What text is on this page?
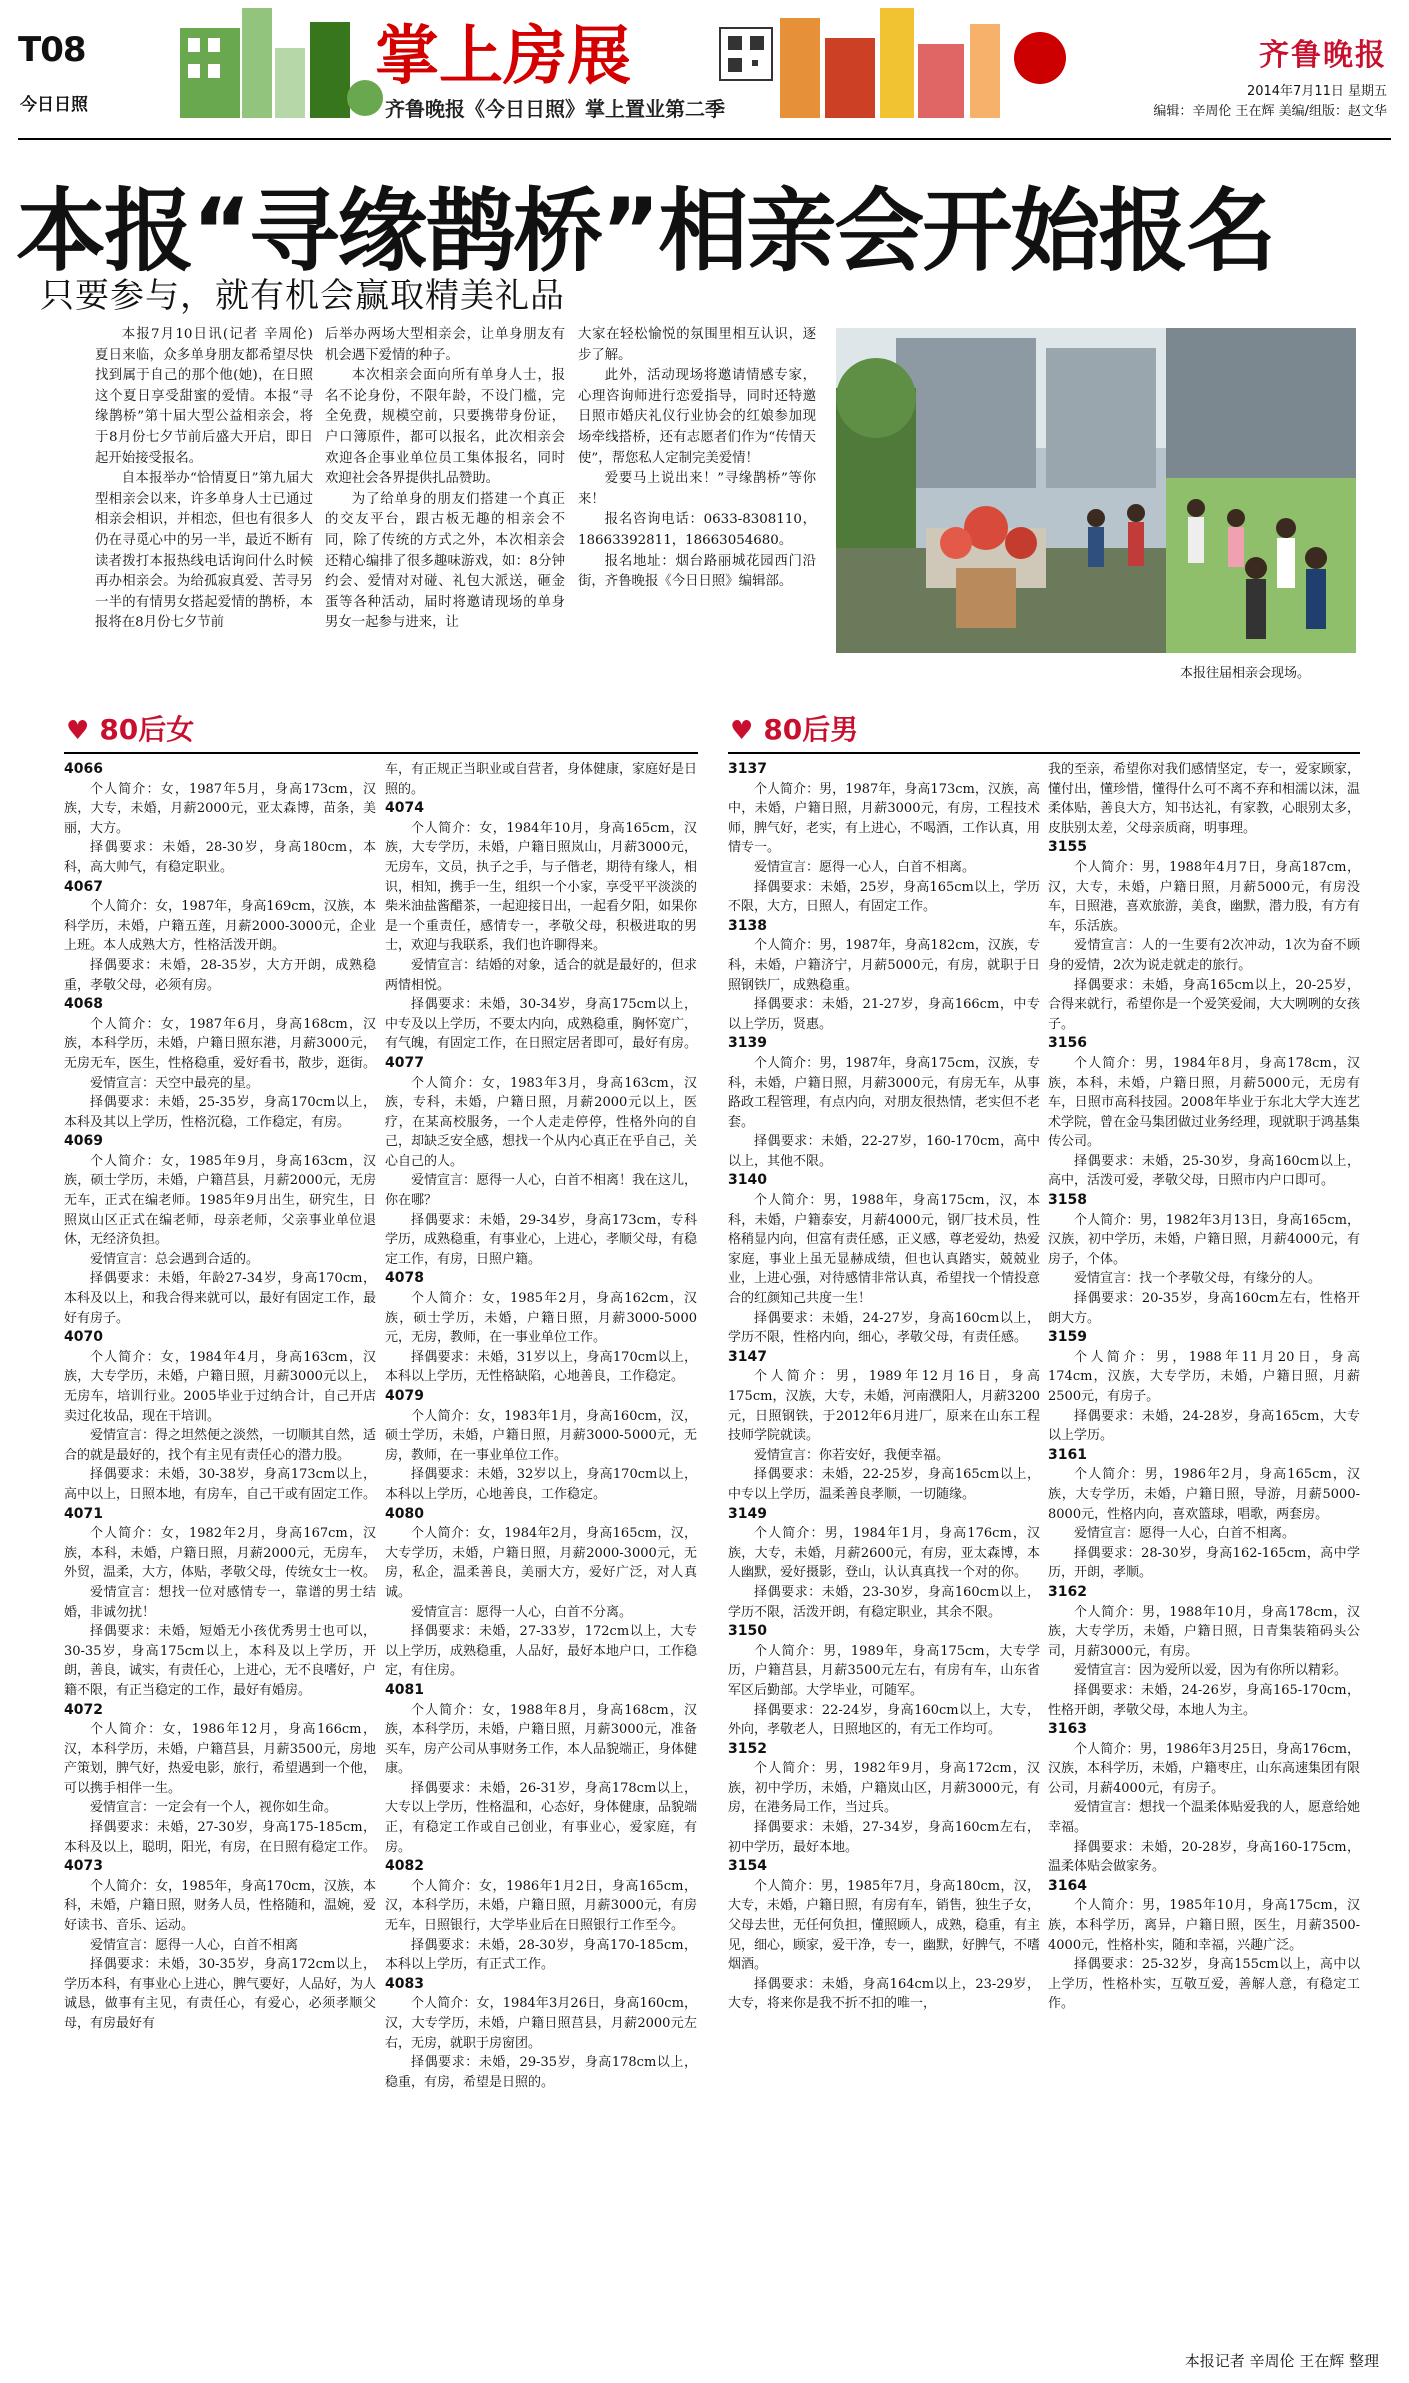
T08
今日日照
掌上房展
齐鲁晚报《今日日照》掌上置业第二季
齐鲁晚报
2014年7月11日 星期五
编辑：辛周伦 王在辉 美编/组版：赵文华
本报“寻缘鹊桥”相亲会开始报名
只要参与，就有机会赢取精美礼品

本报7月10日讯(记者 辛周伦) 夏日来临，众多单身朋友都希望尽快找到属于自己的那个他(她)，在日照这个夏日享受甜蜜的爱情。本报“寻缘鹊桥”第十届大型公益相亲会，将于8月份七夕节前后盛大开启，即日起开始接受报名。

自本报举办“恰情夏日”第九届大型相亲会以来，许多单身人士已通过相亲会相识，并相恋，但也有很多人仍在寻觅心中的另一半，最近不断有读者拨打本报热线电话询问什么时候再办相亲会。为给孤寂真爱、苦寻另一半的有情男女搭起爱情的鹊桥，本报将在8月份七夕节前

后举办两场大型相亲会，让单身朋友有机会遇下爱情的种子。

本次相亲会面向所有单身人士，报名不论身份，不限年龄，不设门槛，完全免费，规模空前，只要携带身份证，户口簿原件，都可以报名，此次相亲会欢迎各企事业单位员工集体报名，同时欢迎社会各界提供扎品赞助。

为了给单身的朋友们搭建一个真正的交友平台，跟古板无趣的相亲会不同，除了传统的方式之外，本次相亲会还精心编排了很多趣味游戏，如：8分钟约会、爱情对对碰、礼包大派送，砸金蛋等各种活动，届时将邀请现场的单身男女一起参与进来，让

大家在轻松愉悦的氛围里相互认识，逐步了解。

此外，活动现场将邀请情感专家，心理咨询师进行恋爱指导，同时还特邀日照市婚庆礼仪行业协会的红娘参加现场牵线搭桥，还有志愿者们作为“传情天使”，帮您私人定制完美爱情！

爱要马上说出来！”寻缘鹊桥”等你来！

报名咨询电话：0633-8308110，18663392811，18663054680。

报名地址：烟台路丽城花园西门沿街，齐鲁晚报《今日日照》编辑部。

本报往届相亲会现场。
♥ 80后女	♥ 80后男
4066

个人简介：女，1987年5月，身高173cm，汉族，大专，未婚，月薪2000元，亚太森博，苗条，美丽，大方。

择偶要求：未婚，28-30岁，身高180cm，本科，高大帅气，有稳定职业。

4067

个人简介：女，1987年，身高169cm，汉族，本科学历，未婚，户籍五莲，月薪2000-3000元，企业上班。本人成熟大方，性格活泼开朗。

择偶要求：未婚，28-35岁，大方开朗，成熟稳重，孝敬父母，必须有房。

4068

个人简介：女，1987年6月，身高168cm，汉族，本科学历，未婚，户籍日照东港，月薪3000元，无房无车，医生，性格稳重，爱好看书，散步，逛街。

爱情宣言：天空中最亮的星。

择偶要求：未婚，25-35岁，身高170cm以上，本科及其以上学历，性格沉稳，工作稳定，有房。

4069

个人简介：女，1985年9月，身高163cm，汉族，硕士学历，未婚，户籍莒县，月薪2000元，无房无车，正式在编老师。1985年9月出生，研究生，日照岚山区正式在编老师，母亲老师，父亲事业单位退休，无经济负担。

爱情宣言：总会遇到合适的。

择偶要求：未婚，年龄27-34岁，身高170cm，本科及以上，和我合得来就可以，最好有固定工作，最好有房子。

4070

个人简介：女，1984年4月，身高163cm，汉族，大专学历，未婚，户籍日照，月薪3000元以上，无房车，培训行业。2005毕业于过纳合计，自己开店卖过化妆品，现在干培训。

爱情宣言：得之坦然便之淡然，一切顺其自然，适合的就是最好的，找个有主见有责任心的潜力股。

择偶要求：未婚，30-38岁，身高173cm以上，高中以上，日照本地，有房车，自己干或有固定工作。

4071

个人简介：女，1982年2月，身高167cm，汉族，本科，未婚，户籍日照，月薪2000元，无房车，外贸，温柔，大方，体贴，孝敬父母，传统女士一枚。

爱情宣言：想找一位对感情专一，靠谱的男士结婚，非诚勿扰！

择偶要求：未婚，短婚无小孩优秀男士也可以，30-35岁，身高175cm以上，本科及以上学历，开朗，善良，诚实，有责任心，上进心，无不良嗜好，户籍不限，有正当稳定的工作，最好有婚房。

4072

个人简介：女，1986年12月，身高166cm，汉，本科学历，未婚，户籍莒县，月薪3500元，房地产策划，脾气好，热爱电影，旅行，希望遇到一个他，可以携手相伴一生。

爱情宣言：一定会有一个人，视你如生命。

择偶要求：未婚，27-30岁，身高175-185cm，本科及以上，聪明，阳光，有房，在日照有稳定工作。

4073

个人简介：女，1985年，身高170cm，汉族，本科，未婚，户籍日照，财务人员，性格随和，温婉，爱好读书、音乐、运动。

爱情宣言：愿得一人心，白首不相离

择偶要求：未婚，30-35岁，身高172cm以上，学历本科，有事业心上进心，脾气要好，人品好，为人诚恳，做事有主见，有责任心，有爱心，必须孝顺父母，有房最好有

车，有正规正当职业或自营者，身体健康，家庭好是日照的。

4074

个人简介：女，1984年10月，身高165cm，汉族，大专学历，未婚，户籍日照岚山，月薪3000元，无房车，文员，执子之手，与子偕老，期待有缘人，相识，相知，携手一生，组织一个小家，享受平平淡淡的柴米油盐酱醋茶，一起迎接日出，一起看夕阳，如果你是一个重责任，感情专一，孝敬父母，积极进取的男士，欢迎与我联系，我们也许聊得来。

爱情宣言：结婚的对象，适合的就是最好的，但求两情相悦。

择偶要求：未婚，30-34岁，身高175cm以上，中专及以上学历，不要太内向，成熟稳重，胸怀宽广，有气魄，有固定工作，在日照定居者即可，最好有房。

4077

个人简介：女，1983年3月，身高163cm，汉族，专科，未婚，户籍日照，月薪2000元以上，医疗，在某高校服务，一个人走走停停，性格外向的自己，却缺乏安全感，想找一个从内心真正在乎自己，关心自己的人。

爱情宣言：愿得一人心，白首不相离！我在这儿，你在哪？

择偶要求：未婚，29-34岁，身高173cm，专科学历，成熟稳重，有事业心，上进心，孝顺父母，有稳定工作，有房，日照户籍。

4078

个人简介：女，1985年2月，身高162cm，汉族，硕士学历，未婚，户籍日照，月薪3000-5000元，无房，教师，在一事业单位工作。

择偶要求：未婚，31岁以上，身高170cm以上，本科以上学历，无性格缺陷，心地善良，工作稳定。

4079

个人简介：女，1983年1月，身高160cm，汉，硕士学历，未婚，户籍日照，月薪3000-5000元，无房，教师，在一事业单位工作。

择偶要求：未婚，32岁以上，身高170cm以上，本科以上学历，心地善良，工作稳定。

4080

个人简介：女，1984年2月，身高165cm，汉，大专学历，未婚，户籍日照，月薪2000-3000元，无房，私企，温柔善良，美丽大方，爱好广泛，对人真诚。

爱情宣言：愿得一人心，白首不分离。

择偶要求：未婚，27-33岁，172cm以上，大专以上学历，成熟稳重，人品好，最好本地户口，工作稳定，有住房。

4081

个人简介：女，1988年8月，身高168cm，汉族，本科学历，未婚，户籍日照，月薪3000元，准备买车，房产公司从事财务工作，本人品貌端正，身体健康。

择偶要求：未婚，26-31岁，身高178cm以上，大专以上学历，性格温和，心态好，身体健康，品貌端正，有稳定工作或自己创业，有事业心，爱家庭，有房。

4082

个人简介：女，1986年1月2日，身高165cm，汉，本科学历，未婚，户籍日照，月薪3000元，有房无车，日照银行，大学毕业后在日照银行工作至今。

择偶要求：未婚，28-30岁，身高170-185cm，本科以上学历，有正式工作。

4083

个人简介：女，1984年3月26日，身高160cm，汉，大专学历，未婚，户籍日照莒县，月薪2000元左右，无房，就职于房窗团。

择偶要求：未婚，29-35岁，身高178cm以上，稳重，有房，希望是日照的。

3137

个人简介：男，1987年，身高173cm，汉族，高中，未婚，户籍日照，月薪3000元，有房，工程技术师，脾气好，老实，有上进心，不喝酒，工作认真，用情专一。

爱情宣言：愿得一心人，白首不相离。

择偶要求：未婚，25岁，身高165cm以上，学历不限，大方，日照人，有固定工作。

3138

个人简介：男，1987年，身高182cm，汉族，专科，未婚，户籍济宁，月薪5000元，有房，就职于日照钢铁厂，成熟稳重。

择偶要求：未婚，21-27岁，身高166cm，中专以上学历，贤惠。

3139

个人简介：男，1987年，身高175cm，汉族，专科，未婚，户籍日照，月薪3000元，有房无车，从事路政工程管理，有点内向，对朋友很热情，老实但不老套。

择偶要求：未婚，22-27岁，160-170cm，高中以上，其他不限。

3140

个人简介：男，1988年，身高175cm，汉，本科，未婚，户籍泰安，月薪4000元，钢厂技术员，性格稍显内向，但富有责任感，正义感，尊老爱幼，热爱家庭，事业上虽无显赫成绩，但也认真踏实，兢兢业业，上进心强，对待感情非常认真，希望找一个情投意合的红颜知己共度一生！

择偶要求：未婚，24-27岁，身高160cm以上，学历不限，性格内向，细心，孝敬父母，有责任感。

3147

个人简介：男，1989年12月16日，身高175cm，汉族，大专，未婚，河南濮阳人，月薪3200元，日照钢铁，于2012年6月进厂，原来在山东工程技师学院就读。

爱情宣言：你若安好，我便幸福。

择偶要求：未婚，22-25岁，身高165cm以上，中专以上学历，温柔善良孝顺，一切随缘。

3149

个人简介：男，1984年1月，身高176cm，汉族，大专，未婚，月薪2600元，有房，亚太森博，本人幽默，爱好摄影，登山，认认真真找一个对的你。

择偶要求：未婚，23-30岁，身高160cm以上，学历不限，活泼开朗，有稳定职业，其余不限。

3150

个人简介：男，1989年，身高175cm，大专学历，户籍莒县，月薪3500元左右，有房有车，山东省军区后勤部。大学毕业，可随军。

择偶要求：22-24岁，身高160cm以上，大专，外向，孝敬老人，日照地区的，有无工作均可。

3152

个人简介：男，1982年9月，身高172cm，汉族，初中学历，未婚，户籍岚山区，月薪3000元，有房，在港务局工作，当过兵。

择偶要求：未婚，27-34岁，身高160cm左右，初中学历，最好本地。

3154

个人简介：男，1985年7月，身高180cm，汉，大专，未婚，户籍日照，有房有车，销售，独生子女，父母去世，无任何负担，懂照顾人，成熟，稳重，有主见，细心，顾家，爱干净，专一，幽默，好脾气，不嗜烟酒。

择偶要求：未婚，身高164cm以上，23-29岁，大专，将来你是我不折不扣的唯一，

我的至亲，希望你对我们感情坚定，专一，爱家顾家，懂付出，懂珍惜，懂得什么可不离不弃和相濡以沫，温柔体贴，善良大方，知书达礼，有家教，心眼别太多，皮肤别太差，父母亲质商，明事理。

3155

个人简介：男，1988年4月7日，身高187cm，汉，大专，未婚，户籍日照，月薪5000元，有房没车，日照港，喜欢旅游，美食，幽默，潜力股，有方有车，乐活族。

爱情宣言：人的一生要有2次冲动，1次为奋不顾身的爱情，2次为说走就走的旅行。

择偶要求：未婚，身高165cm以上，20-25岁，合得来就行，希望你是一个爱笑爱闹，大大咧咧的女孩子。

3156

个人简介：男，1984年8月，身高178cm，汉族，本科，未婚，户籍日照，月薪5000元，无房有车，日照市高科技园。2008年毕业于东北大学大连艺术学院，曾在金马集团做过业务经理，现就职于鸿基集传公司。

择偶要求：未婚，25-30岁，身高160cm以上，高中，活泼可爱，孝敬父母，日照市内户口即可。

3158

个人简介：男，1982年3月13日，身高165cm，汉族，初中学历，未婚，户籍日照，月薪4000元，有房子，个体。

爱情宣言：找一个孝敬父母，有缘分的人。

择偶要求：20-35岁，身高160cm左右，性格开朗大方。

3159

个人简介：男，1988年11月20日，身高174cm，汉族，大专学历，未婚，户籍日照，月薪2500元，有房子。

择偶要求：未婚，24-28岁，身高165cm，大专以上学历。

3161

个人简介：男，1986年2月，身高165cm，汉族，大专学历，未婚，户籍日照，导游，月薪5000-8000元，性格内向，喜欢篮球，唱歌，两套房。

爱情宣言：愿得一人心，白首不相离。

择偶要求：28-30岁，身高162-165cm，高中学历，开朗，孝顺。

3162

个人简介：男，1988年10月，身高178cm，汉族，大专学历，未婚，户籍日照，日青集装箱码头公司，月薪3000元，有房。

爱情宣言：因为爱所以爱，因为有你所以精彩。

择偶要求：未婚，24-26岁，身高165-170cm，性格开朗，孝敬父母，本地人为主。

3163

个人简介：男，1986年3月25日，身高176cm，汉族，本科学历，未婚，户籍枣庄，山东高速集团有限公司，月薪4000元，有房子。

爱情宣言：想找一个温柔体贴爱我的人，愿意给她幸福。

择偶要求：未婚，20-28岁，身高160-175cm，温柔体贴会做家务。

3164

个人简介：男，1985年10月，身高175cm，汉族，本科学历，离异，户籍日照，医生，月薪3500-4000元，性格朴实，随和幸福，兴趣广泛。

择偶要求：25-32岁，身高155cm以上，高中以上学历，性格朴实，互敬互爱，善解人意，有稳定工作。

本报记者 辛周伦 王在辉 整理
